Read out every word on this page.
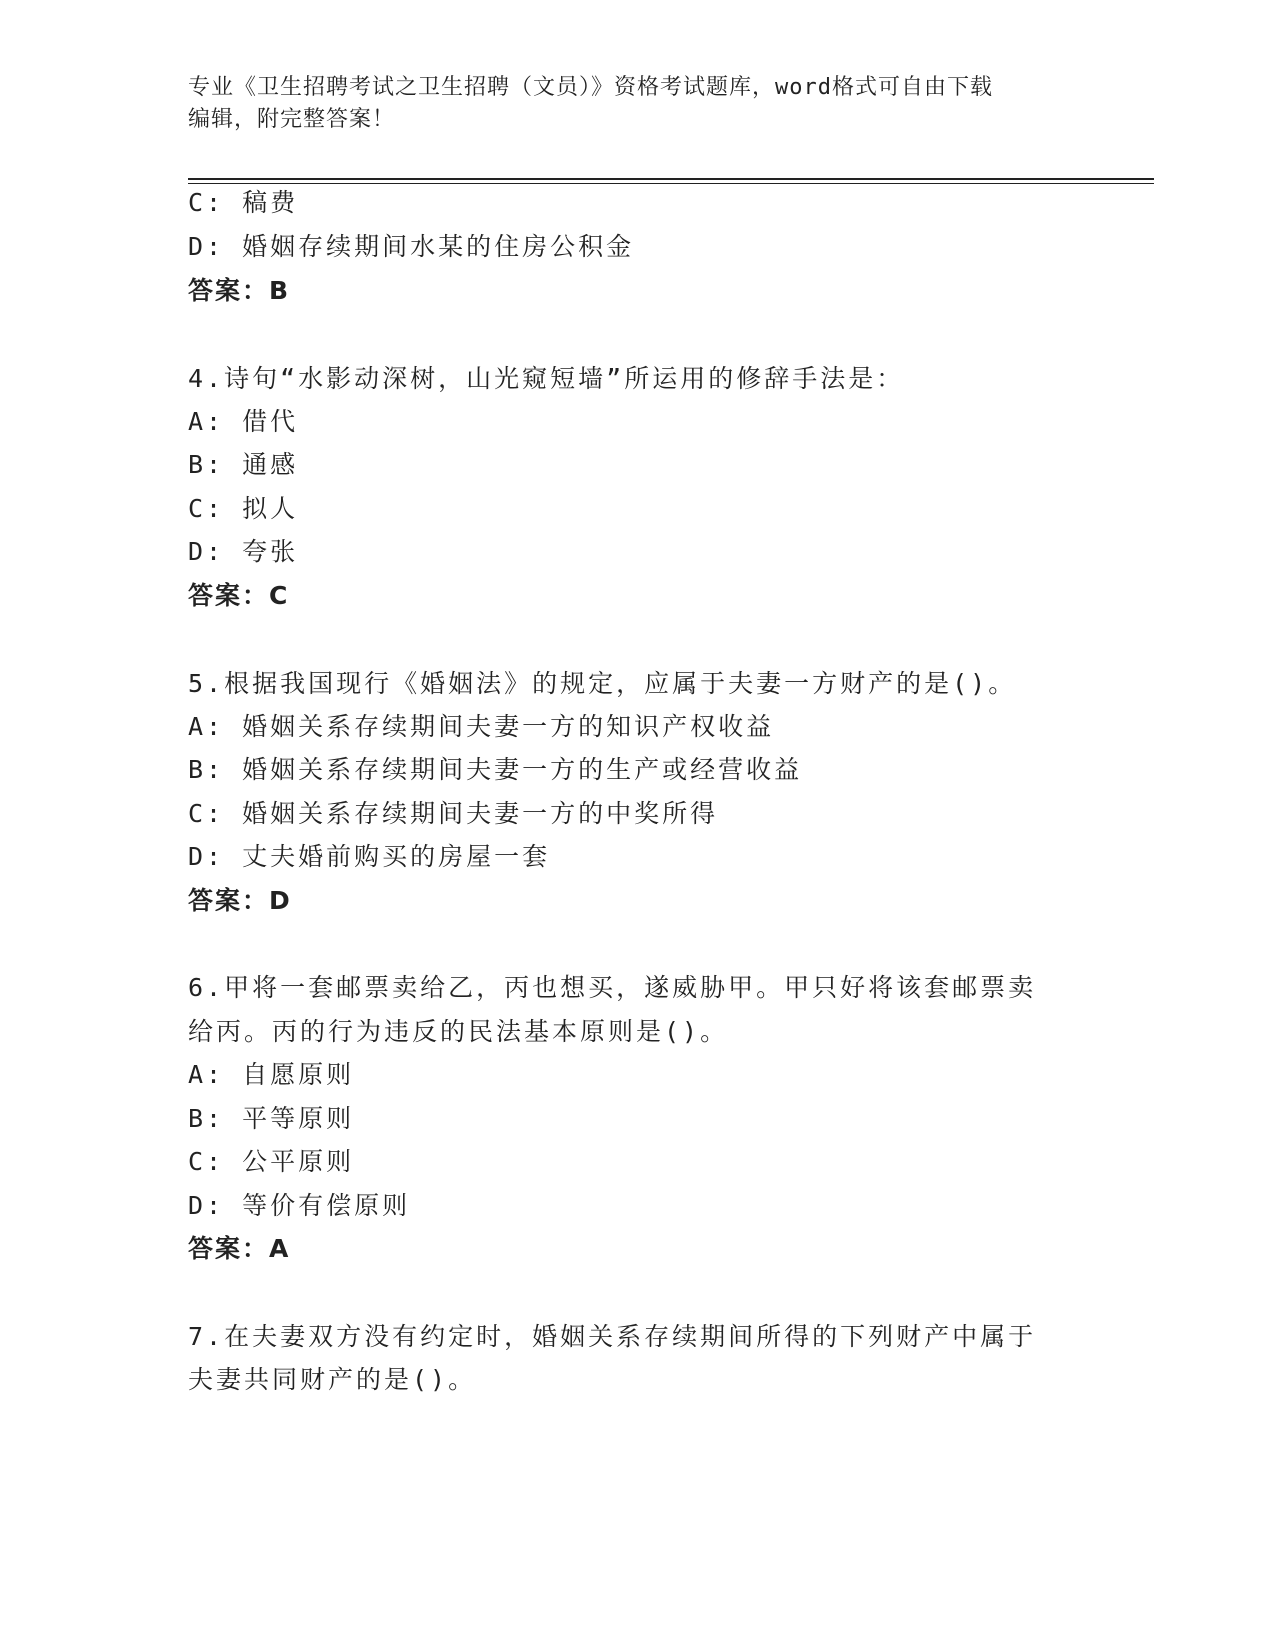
专业《卫生招聘考试之卫生招聘（文员）》资格考试题库，word格式可自由下载
编辑，附完整答案！
C: 稿费
D: 婚姻存续期间水某的住房公积金
答案：B
4.诗句“水影动深树，山光窥短墙”所运用的修辞手法是：
A: 借代
B: 通感
C: 拟人
D: 夸张
答案：C
5.根据我国现行《婚姻法》的规定，应属于夫妻一方财产的是()。
A: 婚姻关系存续期间夫妻一方的知识产权收益
B: 婚姻关系存续期间夫妻一方的生产或经营收益
C: 婚姻关系存续期间夫妻一方的中奖所得
D: 丈夫婚前购买的房屋一套
答案：D
6.甲将一套邮票卖给乙，丙也想买，遂威胁甲。甲只好将该套邮票卖
给丙。丙的行为违反的民法基本原则是()。
A: 自愿原则
B: 平等原则
C: 公平原则
D: 等价有偿原则
答案：A
7.在夫妻双方没有约定时，婚姻关系存续期间所得的下列财产中属于
夫妻共同财产的是()。
